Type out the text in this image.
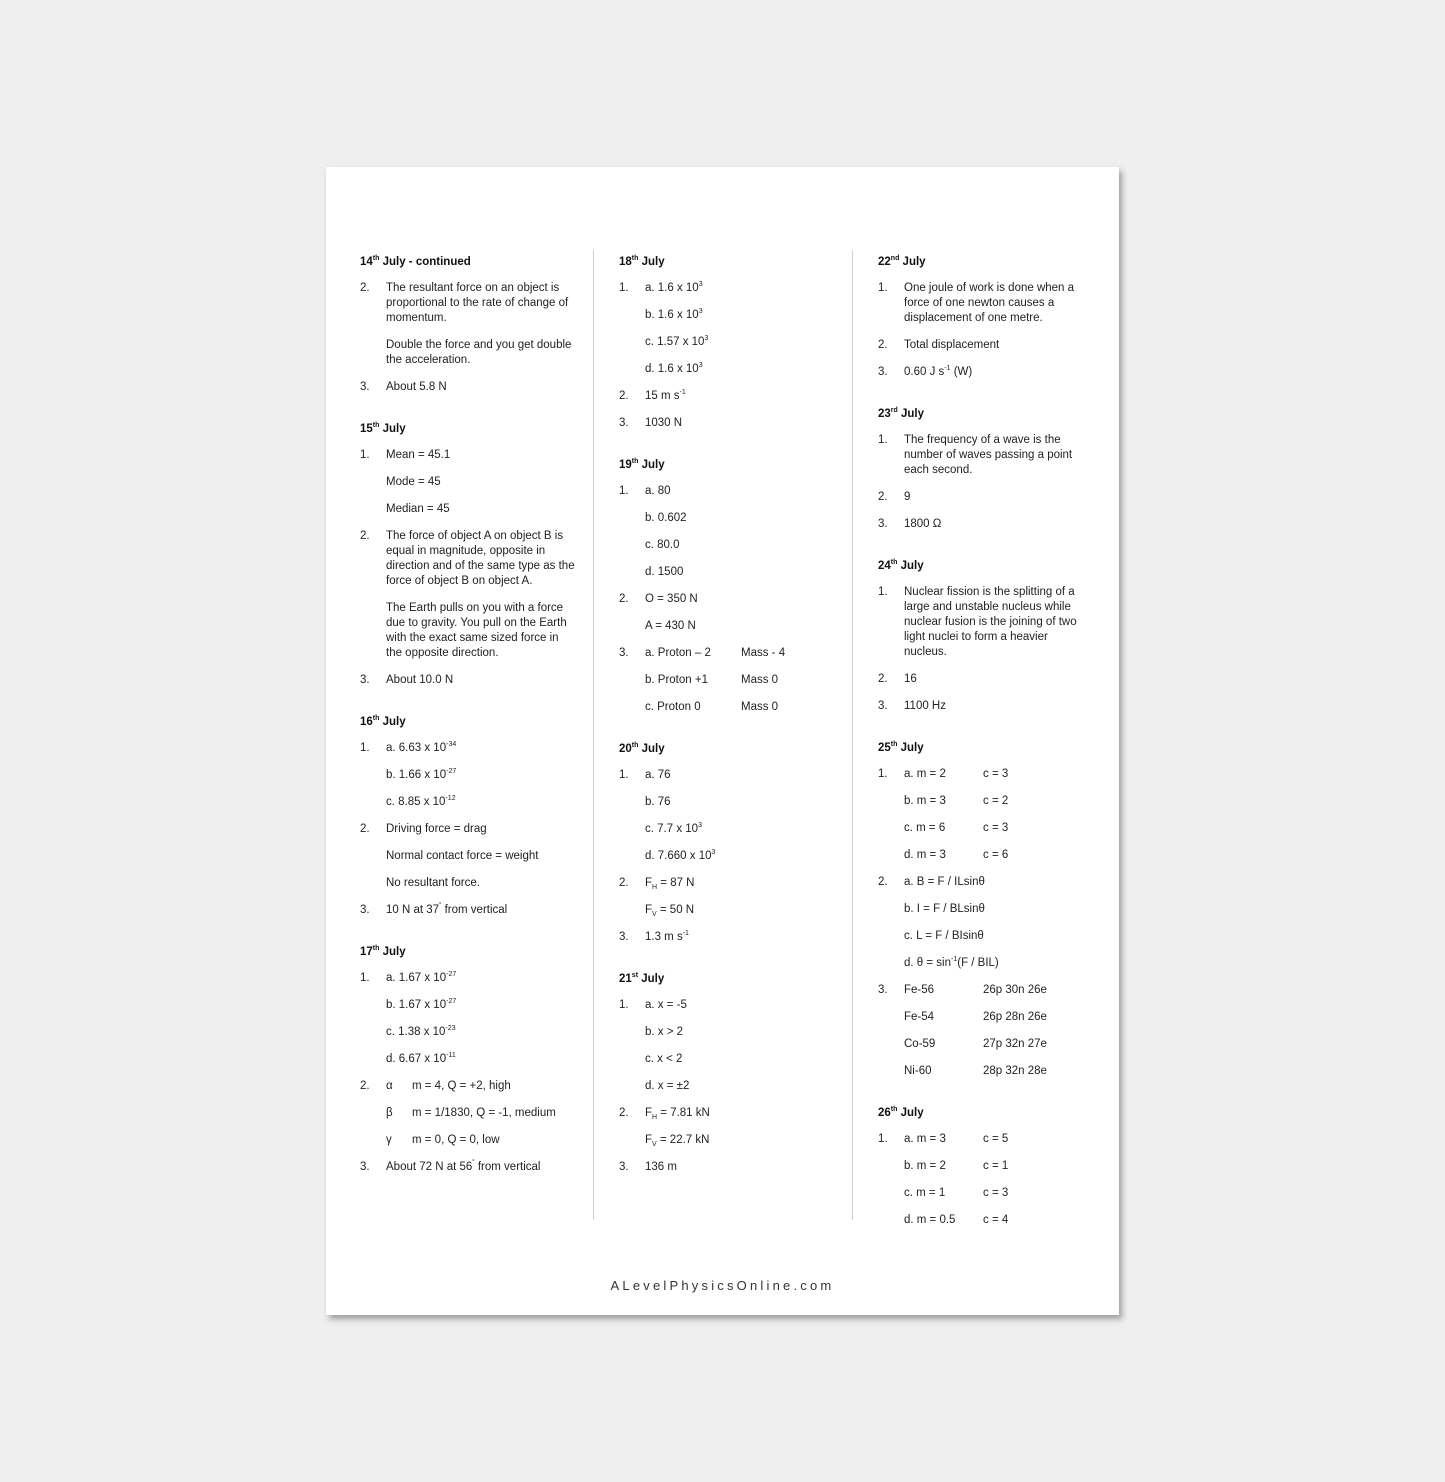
14th July - continued
2.	The resultant force on an object is proportional to the rate of change of momentum.
Double the force and you get double the acceleration.
3.	About 5.8 N
15th July
1.	Mean = 45.1
Mode = 45
Median = 45
2.	The force of object A on object B is equal in magnitude, opposite in direction and of the same type as the force of object B on object A.
The Earth pulls on you with a force due to gravity. You pull on the Earth with the exact same sized force in the opposite direction.
3.	About 10.0 N
16th July
1.	a. 6.63 x $10^{-34}$
b. 1.66 x $10^{-27}$
c. 8.85 x $10^{-12}$
2.	Driving force = drag
Normal contact force = weight
No resultant force.
3.	10 N at 37˚ from vertical
17th July
1.	a. 1.67 x $10^{-27}$
b. 1.67 x $10^{-27}$
c. 1.38 x $10^{-23}$
d. 6.67 x $10^{-11}$
2.	α m = 4, Q = +2, high
β m = 1/1830, Q = -1, medium
γ m = 0, Q = 0, low
3.	About 72 N at 56˚ from vertical
18th July
1.	a. 1.6 x $10^3$
b. 1.6 x $10^3$
c. 1.57 x $10^3$
d. 1.6 x $10^3$
2.	15 m $s^{-1}$
3.	1030 N
19th July
1.	a. 80
b. 0.602
c. 80.0
d. 1500
2.	O = 350 N
A = 430 N
3.	a. Proton – 2	Mass - 4
b. Proton +1	Mass 0
c. Proton 0	Mass 0
20th July
1.	a. 76
b. 76
c. 7.7 x $10^3$
d. 7.660 x $10^3$
2.	$F_H = 87$ N
$F_V = 50$ N
3.	1.3 m $s^{-1}$
21st July
1.	a. x = -5
b. x > 2
c. x < 2
d. x = ±2
2.	$F_H = 7.81$ kN
$F_V = 22.7$ kN
3.	136 m
22nd July
1.	One joule of work is done when a force of one newton causes a displacement of one metre.
2.	Total displacement
3.	0.60 J $s^{-1}$ (W)
23rd July
1.	The frequency of a wave is the number of waves passing a point each second.
2.	9
3.	1800 Ω
24th July
1.	Nuclear fission is the splitting of a large and unstable nucleus while nuclear fusion is the joining of two light nuclei to form a heavier nucleus.
2.	16
3.	1100 Hz
25th July
1.	a. m = 2	c = 3
b. m = 3	c = 2
c. m = 6	c = 3
d. m = 3	c = 6
2.	a. B = F / ILsinθ
b. I = F / BLsinθ
c. L = F / BIsinθ
d. $\theta = \sin^{-1}(F / BIL)$
3.	Fe-56	26p 30n 26e
Fe-54	26p 28n 26e
Co-59	27p 32n 27e
Ni-60	28p 32n 28e
26th July
1.	a. m = 3	c = 5
b. m = 2	c = 1
c. m = 1	c = 3
d. m = 0.5 c = 4
ALevelPhysicsOnline.com
